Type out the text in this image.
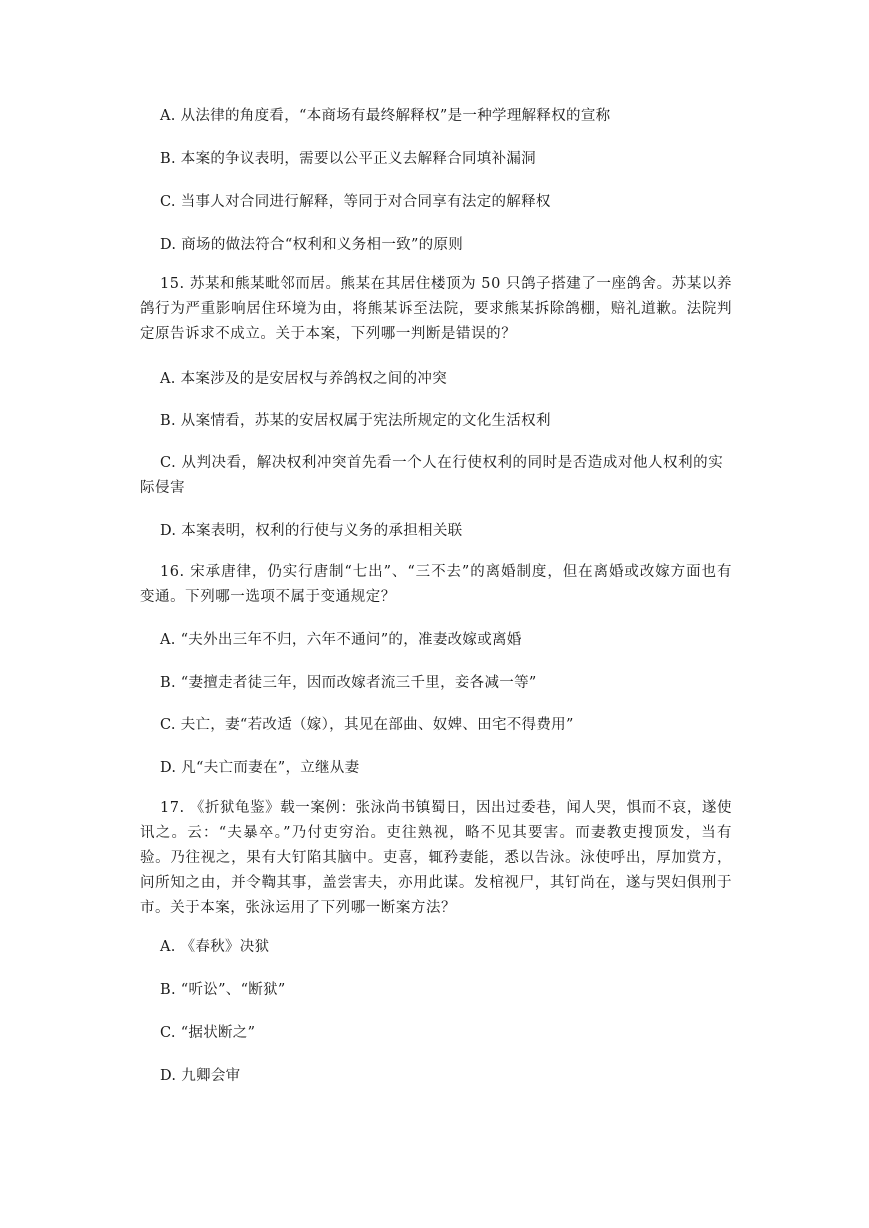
A. 从法律的角度看，“本商场有最终解释权”是一种学理解释权的宣称
B. 本案的争议表明，需要以公平正义去解释合同填补漏洞
C. 当事人对合同进行解释，等同于对合同享有法定的解释权
D. 商场的做法符合“权利和义务相一致”的原则
15. 苏某和熊某毗邻而居。熊某在其居住楼顶为 50 只鸽子搭建了一座鸽舍。苏某以养鸽行为严重影响居住环境为由，将熊某诉至法院，要求熊某拆除鸽棚，赔礼道歉。法院判定原告诉求不成立。关于本案，下列哪一判断是错误的？
A. 本案涉及的是安居权与养鸽权之间的冲突
B. 从案情看，苏某的安居权属于宪法所规定的文化生活权利
C. 从判决看，解决权利冲突首先看一个人在行使权利的同时是否造成对他人权利的实际侵害
D. 本案表明，权利的行使与义务的承担相关联
16. 宋承唐律，仍实行唐制“七出”、“三不去”的离婚制度，但在离婚或改嫁方面也有变通。下列哪一选项不属于变通规定？
A. “夫外出三年不归，六年不通问”的，准妻改嫁或离婚
B. “妻擅走者徒三年，因而改嫁者流三千里，妾各减一等”
C. 夫亡，妻“若改适（嫁），其见在部曲、奴婢、田宅不得费用”
D. 凡“夫亡而妻在”，立继从妻
17. 《折狱龟鉴》载一案例：张泳尚书镇蜀日，因出过委巷，闻人哭，惧而不哀，遂使讯之。云：“夫暴卒。”乃付吏穷治。吏往熟视，略不见其要害。而妻教吏搜顶发，当有验。乃往视之，果有大钉陷其脑中。吏喜，辄矜妻能，悉以告泳。泳使呼出，厚加赏方，问所知之由，并令鞫其事，盖尝害夫，亦用此谋。发棺视尸，其钉尚在，遂与哭妇俱刑于市。关于本案，张泳运用了下列哪一断案方法？
A. 《春秋》决狱
B. “听讼”、“断狱”
C. “据状断之”
D. 九卿会审
